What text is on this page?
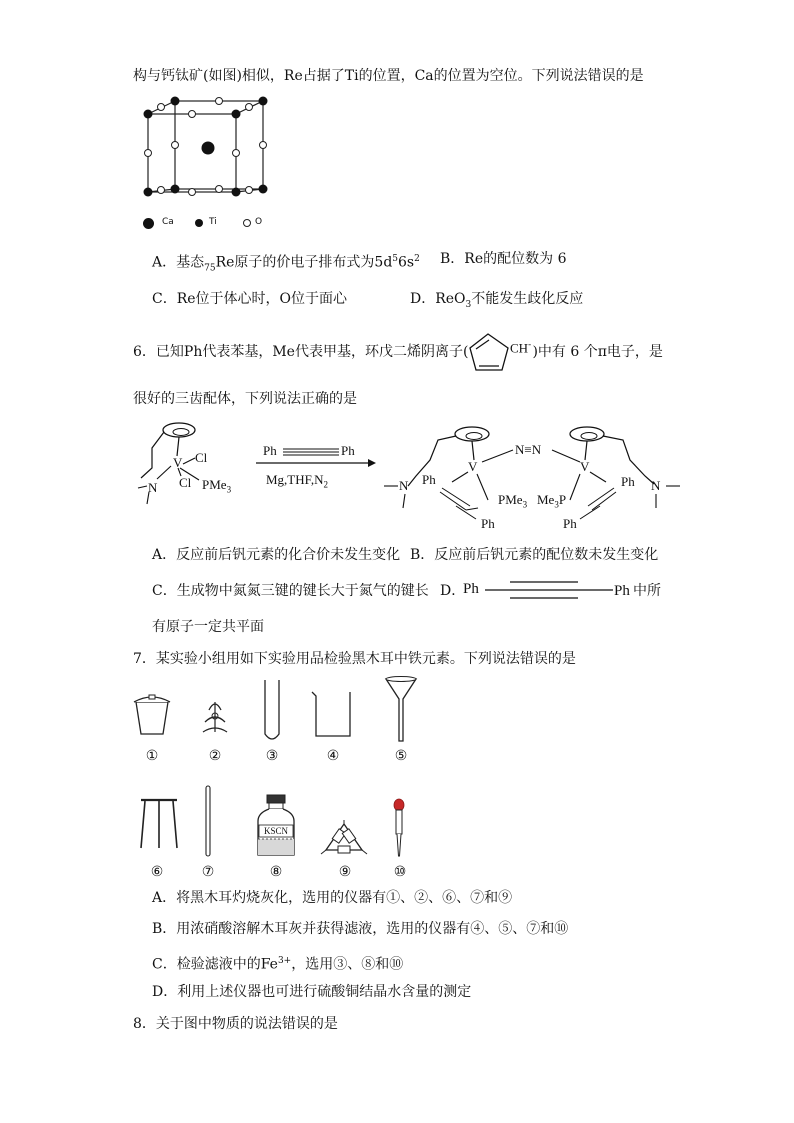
构与钙钛矿(如图)相似，Re占据了Ti的位置，Ca的位置为空位。下列说法错误的是
Ca	Ti	O
A．基态$_{75}$Re原子的价电子排布式为$5d^56s^2$ B．Re的配位数为 6
C．Re位于体心时，O位于面心	D．ReO$_3$不能发生歧化反应
6．已知Ph代表苯基，Me代表甲基，环戊二烯阴离子(	)中有 6 个π电子，是
CH-
很好的三齿配体，下列说法正确的是
V Cl
Cl PMe$_3$
N
Ph	Ph
$Mg,THF,N_2$
N≡N
V	V
N	N
Ph
Ph
Ph
Ph
PMe$_3$ $Me_3P$
A．反应前后钒元素的化合价未发生变化 B．反应前后钒元素的配位数未发生变化
C．生成物中氮氮三键的键长大于氮气的键长 D．
Ph	Ph 中所
有原子一定共平面
7．某实验小组用如下实验用品检验黑木耳中铁元素。下列说法错误的是
①	②	③	④	⑤
KSCN
⑥	⑦	⑧	⑨	⑩
A．将黑木耳灼烧灰化，选用的仪器有①、②、⑥、⑦和⑨
B．用浓硝酸溶解木耳灰并获得滤液，选用的仪器有④、⑤、⑦和⑩
C．检验滤液中的$Fe^{3+}$，选用③、⑧和⑩
D．利用上述仪器也可进行硫酸铜结晶水含量的测定
8．关于图中物质的说法错误的是
